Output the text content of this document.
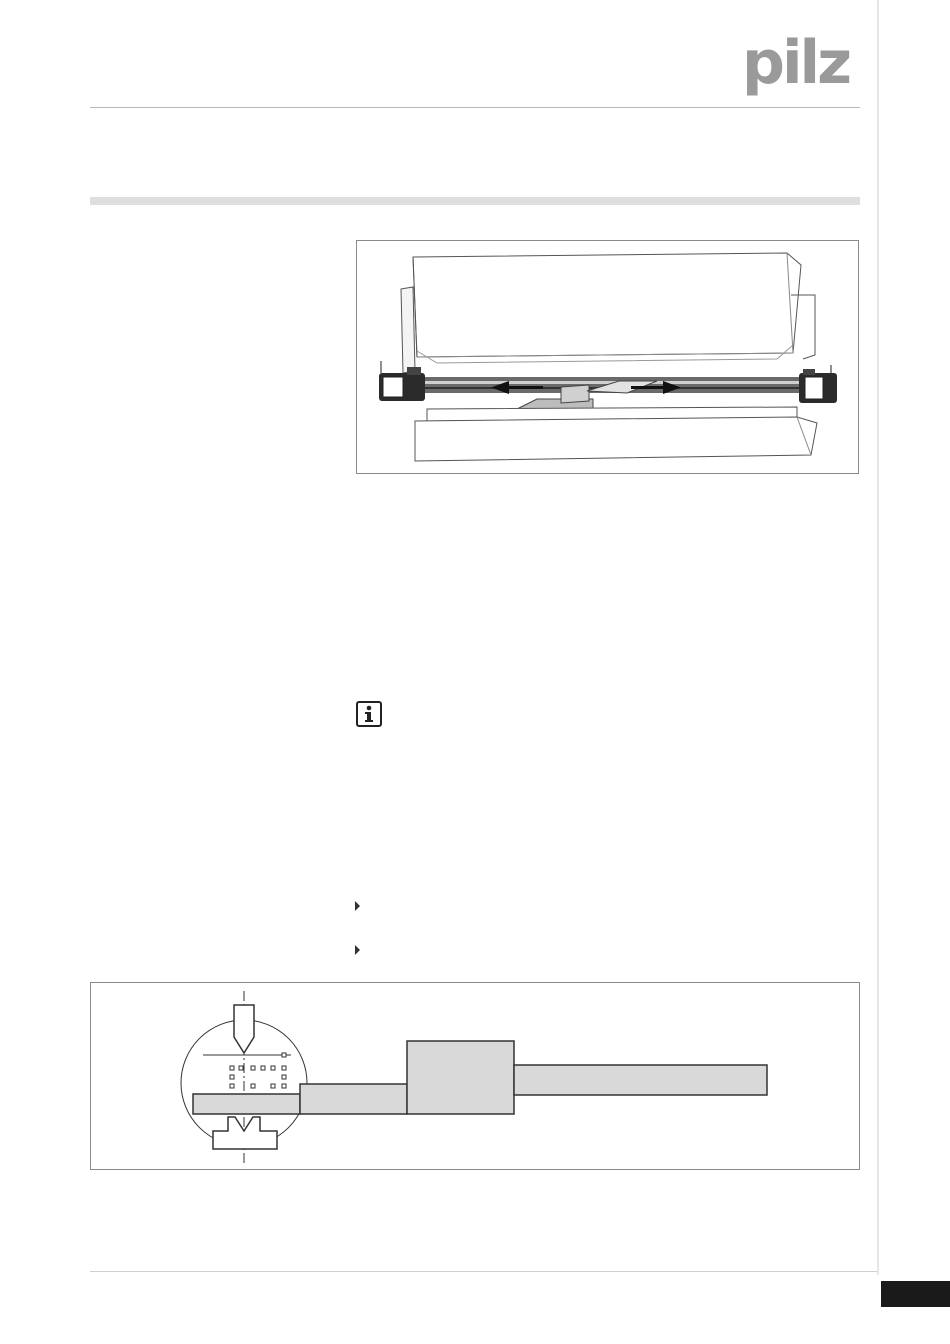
pilz
